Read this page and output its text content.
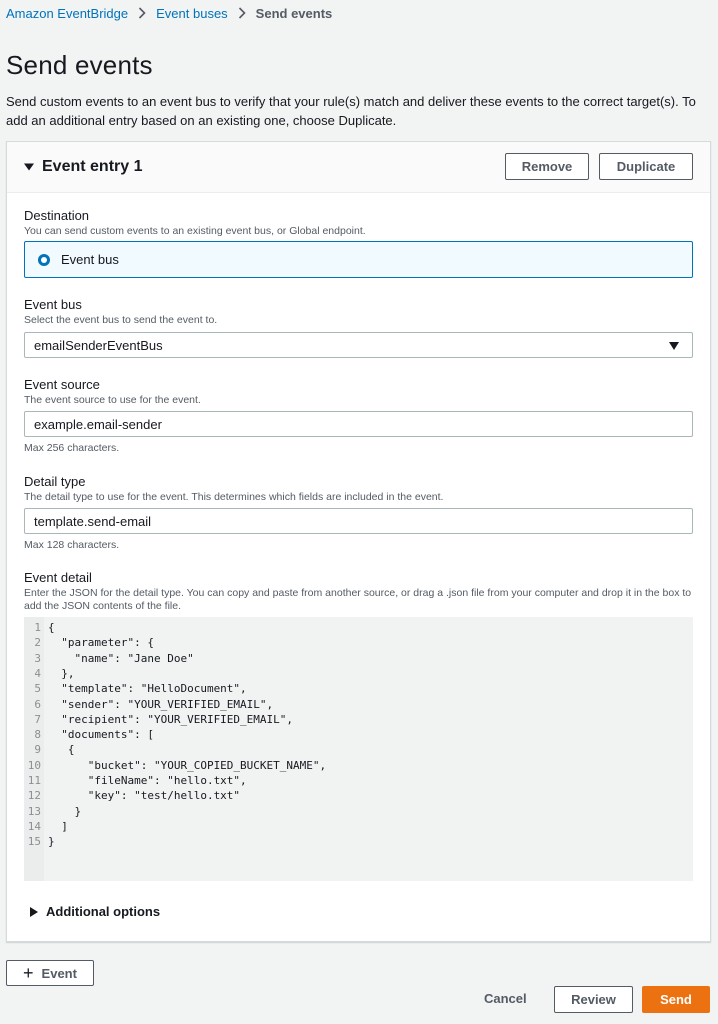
Amazon EventBridge Event buses Send events
Send events

Send custom events to an event bus to verify that your rule(s) match and deliver these events to the correct target(s). To add an additional entry based on an existing one, choose Duplicate.

Event entry 1	Remove	Duplicate
Destination
You can send custom events to an existing event bus, or Global endpoint.
Event bus
Event bus
Select the event bus to send the event to.
emailSenderEventBus
Event source
The event source to use for the event.
example.email-sender
Max 256 characters.
Detail type
The detail type to use for the event. This determines which fields are included in the event.
template.send-email
Max 128 characters.
Event detail
Enter the JSON for the detail type. You can copy and paste from another source, or drag a .json file from your computer and drop it in the box to add the JSON contents of the file.
1 {
2 "parameter": {
3 "name": "Jane Doe"
4 },
5 "template": "HelloDocument",
6 "sender": "YOUR_VERIFIED_EMAIL",
7 "recipient": "YOUR_VERIFIED_EMAIL",
8 "documents": [
9 {
10 "bucket": "YOUR_COPIED_BUCKET_NAME",
11 "fileName": "hello.txt",
12 "key": "test/hello.txt"
13 }
14 ]
15 }
Additional options
+ Event
Cancel	Review	Send
